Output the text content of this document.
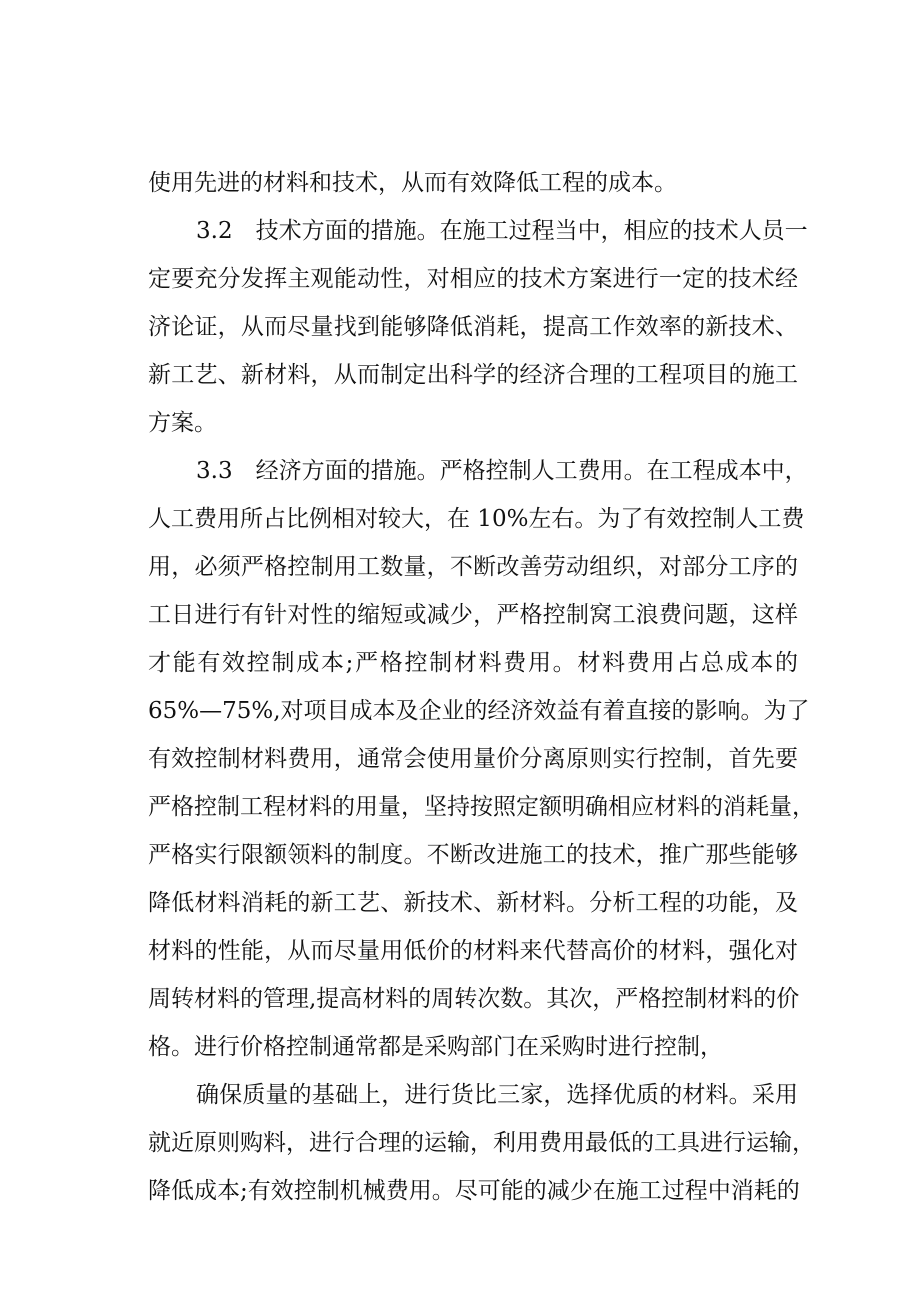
使用先进的材料和技术，从而有效降低工程的成本。
3.2　技术方面的措施。在施工过程当中，相应的技术人员一
定要充分发挥主观能动性，对相应的技术方案进行一定的技术经
济论证，从而尽量找到能够降低消耗，提高工作效率的新技术、
新工艺、新材料，从而制定出科学的经济合理的工程项目的施工
方案。
3.3　经济方面的措施。严格控制人工费用。在工程成本中，
人工费用所占比例相对较大，在 10%左右。为了有效控制人工费
用，必须严格控制用工数量，不断改善劳动组织，对部分工序的
工日进行有针对性的缩短或减少，严格控制窝工浪费问题，这样
才能有效控制成本;严格控制材料费用。材料费用占总成本的
65%—75%,对项目成本及企业的经济效益有着直接的影响。为了
有效控制材料费用，通常会使用量价分离原则实行控制，首先要
严格控制工程材料的用量，坚持按照定额明确相应材料的消耗量，
严格实行限额领料的制度。不断改进施工的技术，推广那些能够
降低材料消耗的新工艺、新技术、新材料。分析工程的功能，及
材料的性能，从而尽量用低价的材料来代替高价的材料，强化对
周转材料的管理,提高材料的周转次数。其次，严格控制材料的价
格。进行价格控制通常都是采购部门在采购时进行控制，
确保质量的基础上，进行货比三家，选择优质的材料。采用
就近原则购料，进行合理的运输，利用费用最低的工具进行运输，
降低成本;有效控制机械费用。尽可能的减少在施工过程中消耗的
